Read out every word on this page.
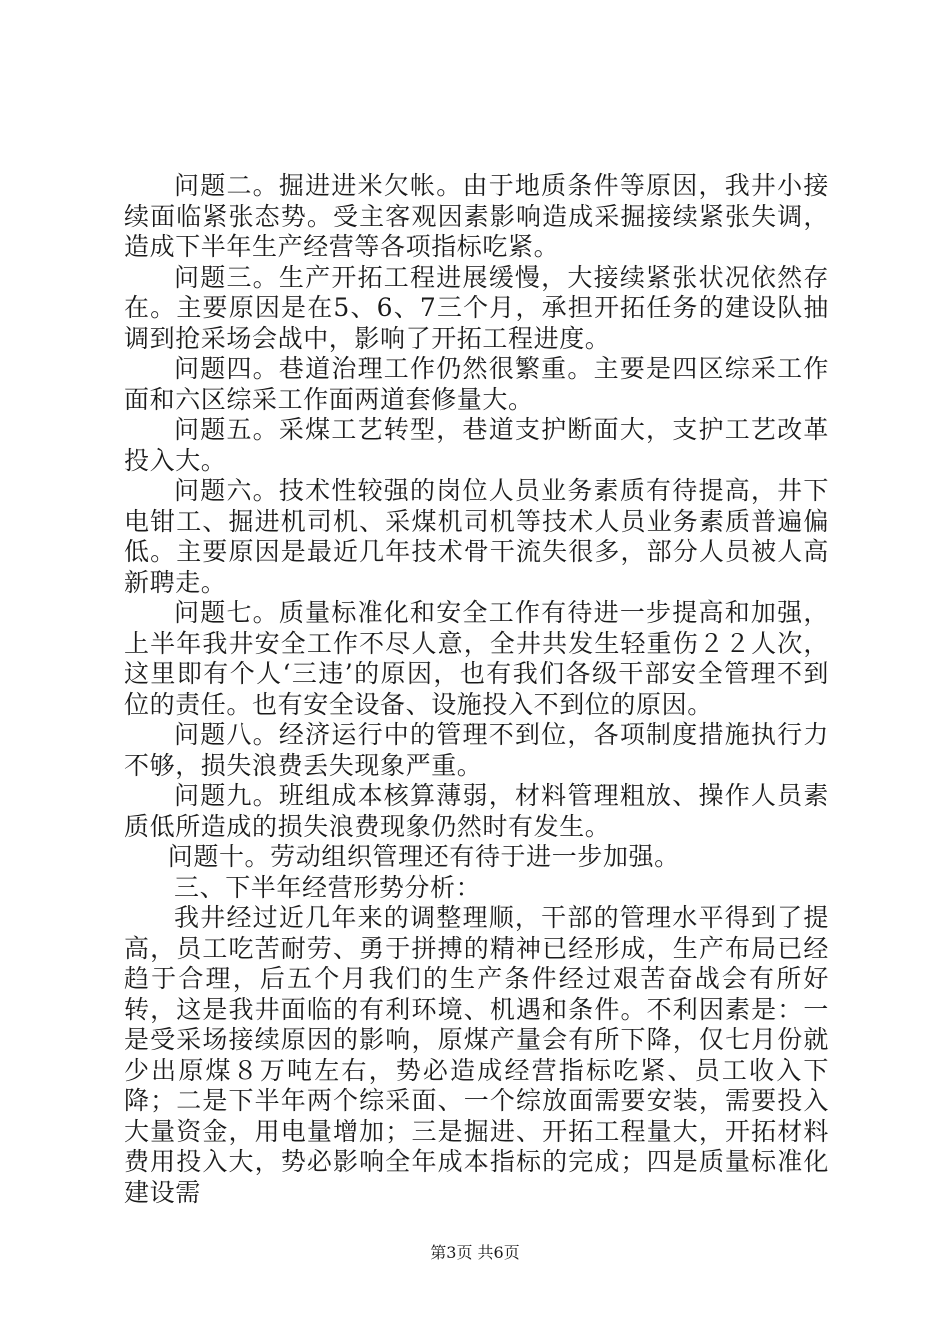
问题二。掘进进米欠帐。由于地质条件等原因，我井小接续面临紧张态势。受主客观因素影响造成采掘接续紧张失调，造成下半年生产经营等各项指标吃紧。

问题三。生产开拓工程进展缓慢，大接续紧张状况依然存在。主要原因是在5、6、7三个月，承担开拓任务的建设队抽调到抢采场会战中，影响了开拓工程进度。

问题四。巷道治理工作仍然很繁重。主要是四区综采工作面和六区综采工作面两道套修量大。

问题五。采煤工艺转型，巷道支护断面大，支护工艺改革投入大。

问题六。技术性较强的岗位人员业务素质有待提高，井下电钳工、掘进机司机、采煤机司机等技术人员业务素质普遍偏低。主要原因是最近几年技术骨干流失很多，部分人员被人高新聘走。

问题七。质量标准化和安全工作有待进一步提高和加强，上半年我井安全工作不尽人意，全井共发生轻重伤２２人次，这里即有个人‘三违’的原因，也有我们各级干部安全管理不到位的责任。也有安全设备、设施投入不到位的原因。

问题八。经济运行中的管理不到位，各项制度措施执行力不够，损失浪费丢失现象严重。

问题九。班组成本核算薄弱，材料管理粗放、操作人员素质低所造成的损失浪费现象仍然时有发生。

问题十。劳动组织管理还有待于进一步加强。

三、下半年经营形势分析：

我井经过近几年来的调整理顺，干部的管理水平得到了提高，员工吃苦耐劳、勇于拼搏的精神已经形成，生产布局已经趋于合理，后五个月我们的生产条件经过艰苦奋战会有所好转，这是我井面临的有利环境、机遇和条件。不利因素是：一是受采场接续原因的影响，原煤产量会有所下降，仅七月份就少出原煤８万吨左右，势必造成经营指标吃紧、员工收入下降；二是下半年两个综采面、一个综放面需要安装，需要投入大量资金，用电量增加；三是掘进、开拓工程量大，开拓材料费用投入大，势必影响全年成本指标的完成；四是质量标准化建设需

第3页 共6页
